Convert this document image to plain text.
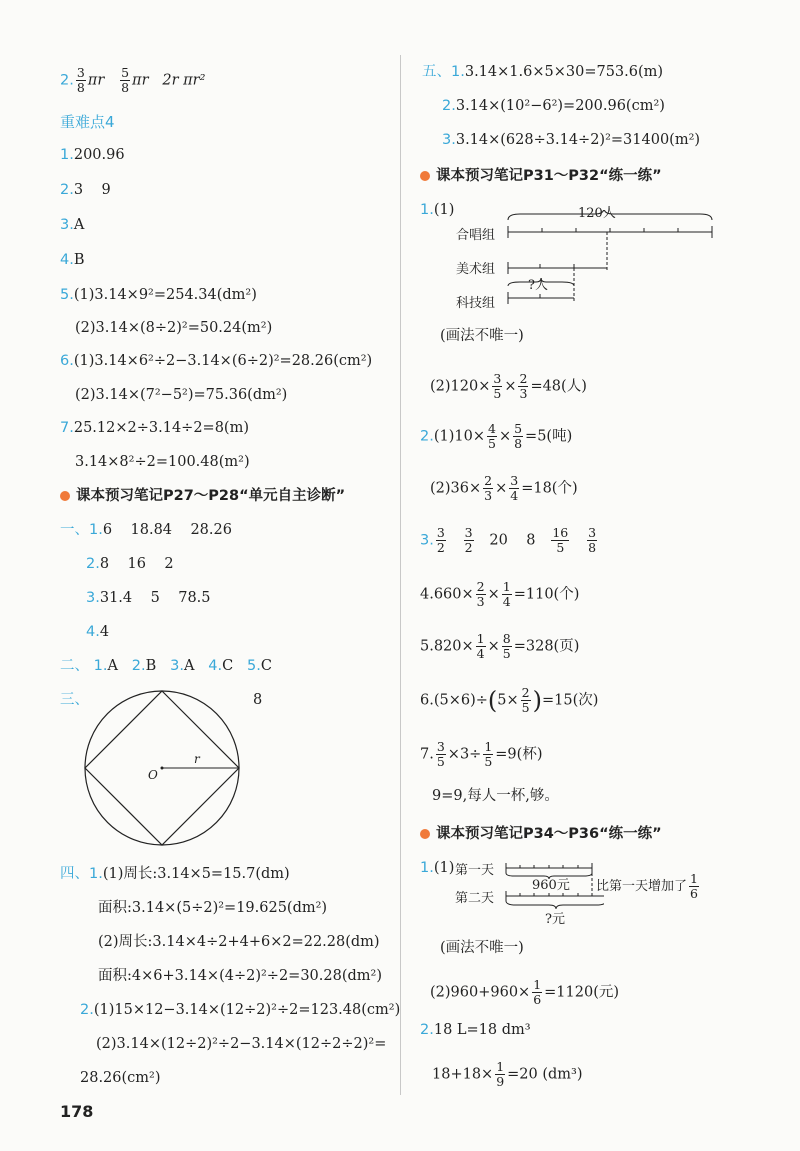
2. $\frac{3}{8}$ πr $\frac{5}{8}$ πr 2r πr²
重难点4
1.200.96
2.3    9
3.A
4.B
5.(1)3.14×9²=254.34(dm²)
(2)3.14×(8÷2)²=50.24(m²)
6.(1)3.14×6²÷2−3.14×(6÷2)²=28.26(cm²)
(2)3.14×(7²−5²)=75.36(dm²)
7.25.12×2÷3.14÷2=8(m)
3.14×8²÷2=100.48(m²)
课本预习笔记P27～P28“单元自主诊断”
一、1.6    18.84    28.26
2.8    16    2
3.31.4    5    78.5
4.4
二、 1.A 2.B 3.A 4.C 5.C
三、	8
O
r
四、1.(1)周长:3.14×5=15.7(dm)
面积:3.14×(5÷2)²=19.625(dm²)
(2)周长:3.14×4÷2+4+6×2=22.28(dm)
面积:4×6+3.14×(4÷2)²÷2=30.28(dm²)
2.(1)15×12−3.14×(12÷2)²÷2=123.48(cm²)
(2)3.14×(12÷2)²÷2−3.14×(12÷2÷2)²=
28.26(cm²)
178
五、1.3.14×1.6×5×30=753.6(m)
2.3.14×(10²−6²)=200.96(cm²)
3.3.14×(628÷3.14÷2)²=31400(m²)
课本预习笔记P31～P32“练一练”
1.(1)	120人
合唱组
美术组
科技组
?人
(画法不唯一)
$(2)120\times \frac{3}{5} \times \frac{2}{3} =48$(人)
$2.(1)10\times \frac{4}{5} \times \frac{5}{8} =5$(吨)
$(2)36\times \frac{2}{3} \times \frac{3}{4} =18$(个)
3. $\frac{3}{2}$
$\frac{3}{2} 20$    $8 \frac{16}{5}$
$\frac{3}{8}$
$4.660\times \frac{2}{3} \times \frac{1}{4} =110$(个)
$5.820\times \frac{1}{4} \times \frac{8}{5} =328$(页)
$6.(5\times 6)\div(5\times \frac{2}{5} )=15$(次)
7. $\frac{3}{5} \times 3\div \frac{1}{5} =9$(杯)
9=9,每人一杯,够。
课本预习笔记P34～P36“练一练”
1.(1) 第一天
第二天
960元
?元
比第一天增加了 $\frac{1}{6}$
(画法不唯一)
$(2)960+960\times \frac{1}{6} =1120$(元)
2.18 L=18 dm³
$18+18\times \frac{1}{9} =20$ (dm³)
